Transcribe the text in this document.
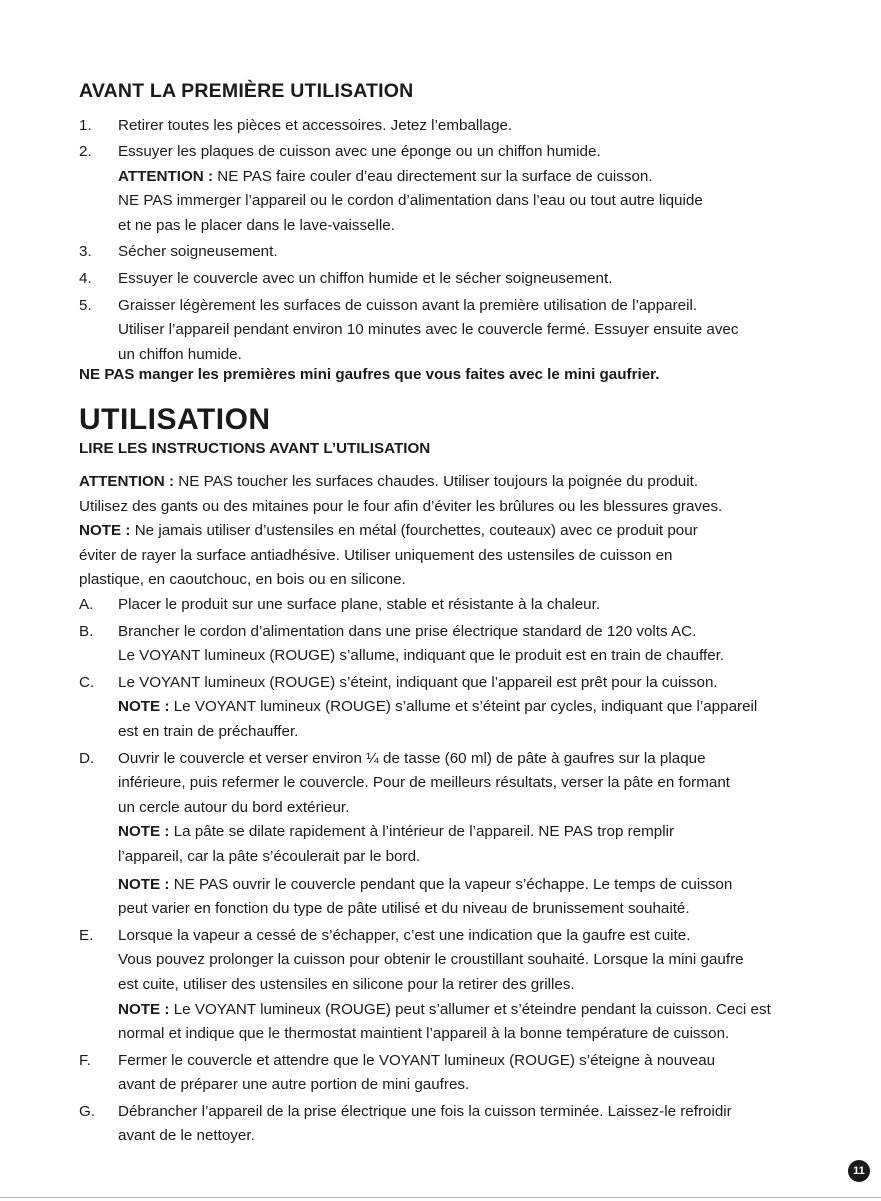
AVANT LA PREMIÈRE UTILISATION
1. Retirer toutes les pièces et accessoires. Jetez l’emballage.
2. Essuyer les plaques de cuisson avec une éponge ou un chiffon humide.
ATTENTION : NE PAS faire couler d’eau directement sur la surface de cuisson.
NE PAS immerger l’appareil ou le cordon d’alimentation dans l’eau ou tout autre liquide
et ne pas le placer dans le lave-vaisselle.
3. Sécher soigneusement.
4. Essuyer le couvercle avec un chiffon humide et le sécher soigneusement.
5. Graisser légèrement les surfaces de cuisson avant la première utilisation de l’appareil.
Utiliser l’appareil pendant environ 10 minutes avec le couvercle fermé. Essuyer ensuite avec
un chiffon humide.
NE PAS manger les premières mini gaufres que vous faites avec le mini gaufrier.
UTILISATION
LIRE LES INSTRUCTIONS AVANT L’UTILISATION
ATTENTION : NE PAS toucher les surfaces chaudes. Utiliser toujours la poignée du produit.
Utilisez des gants ou des mitaines pour le four afin d’éviter les brûlures ou les blessures graves.
NOTE : Ne jamais utiliser d’ustensiles en métal (fourchettes, couteaux) avec ce produit pour
éviter de rayer la surface antiadhésive. Utiliser uniquement des ustensiles de cuisson en
plastique, en caoutchouc, en bois ou en silicone.
A. Placer le produit sur une surface plane, stable et résistante à la chaleur.
B. Brancher le cordon d’alimentation dans une prise électrique standard de 120 volts AC.
Le VOYANT lumineux (ROUGE) s’allume, indiquant que le produit est en train de chauffer.
C. Le VOYANT lumineux (ROUGE) s’éteint, indiquant que l’appareil est prêt pour la cuisson.
NOTE : Le VOYANT lumineux (ROUGE) s’allume et s’éteint par cycles, indiquant que l’appareil
est en train de préchauffer.
D. Ouvrir le couvercle et verser environ ¼ de tasse (60 ml) de pâte à gaufres sur la plaque
inférieure, puis refermer le couvercle. Pour de meilleurs résultats, verser la pâte en formant
un cercle autour du bord extérieur.
NOTE : La pâte se dilate rapidement à l’intérieur de l’appareil. NE PAS trop remplir
l’appareil, car la pâte s’écoulerait par le bord.
NOTE : NE PAS ouvrir le couvercle pendant que la vapeur s’échappe. Le temps de cuisson
peut varier en fonction du type de pâte utilisé et du niveau de brunissement souhaité.
E. Lorsque la vapeur a cessé de s’échapper, c’est une indication que la gaufre est cuite.
Vous pouvez prolonger la cuisson pour obtenir le croustillant souhaité. Lorsque la mini gaufre
est cuite, utiliser des ustensiles en silicone pour la retirer des grilles.
NOTE : Le VOYANT lumineux (ROUGE) peut s’allumer et s’éteindre pendant la cuisson. Ceci est
normal et indique que le thermostat maintient l’appareil à la bonne température de cuisson.
F. Fermer le couvercle et attendre que le VOYANT lumineux (ROUGE) s’éteigne à nouveau
avant de préparer une autre portion de mini gaufres.
G. Débrancher l’appareil de la prise électrique une fois la cuisson terminée. Laissez-le refroidir
avant de le nettoyer.
11
